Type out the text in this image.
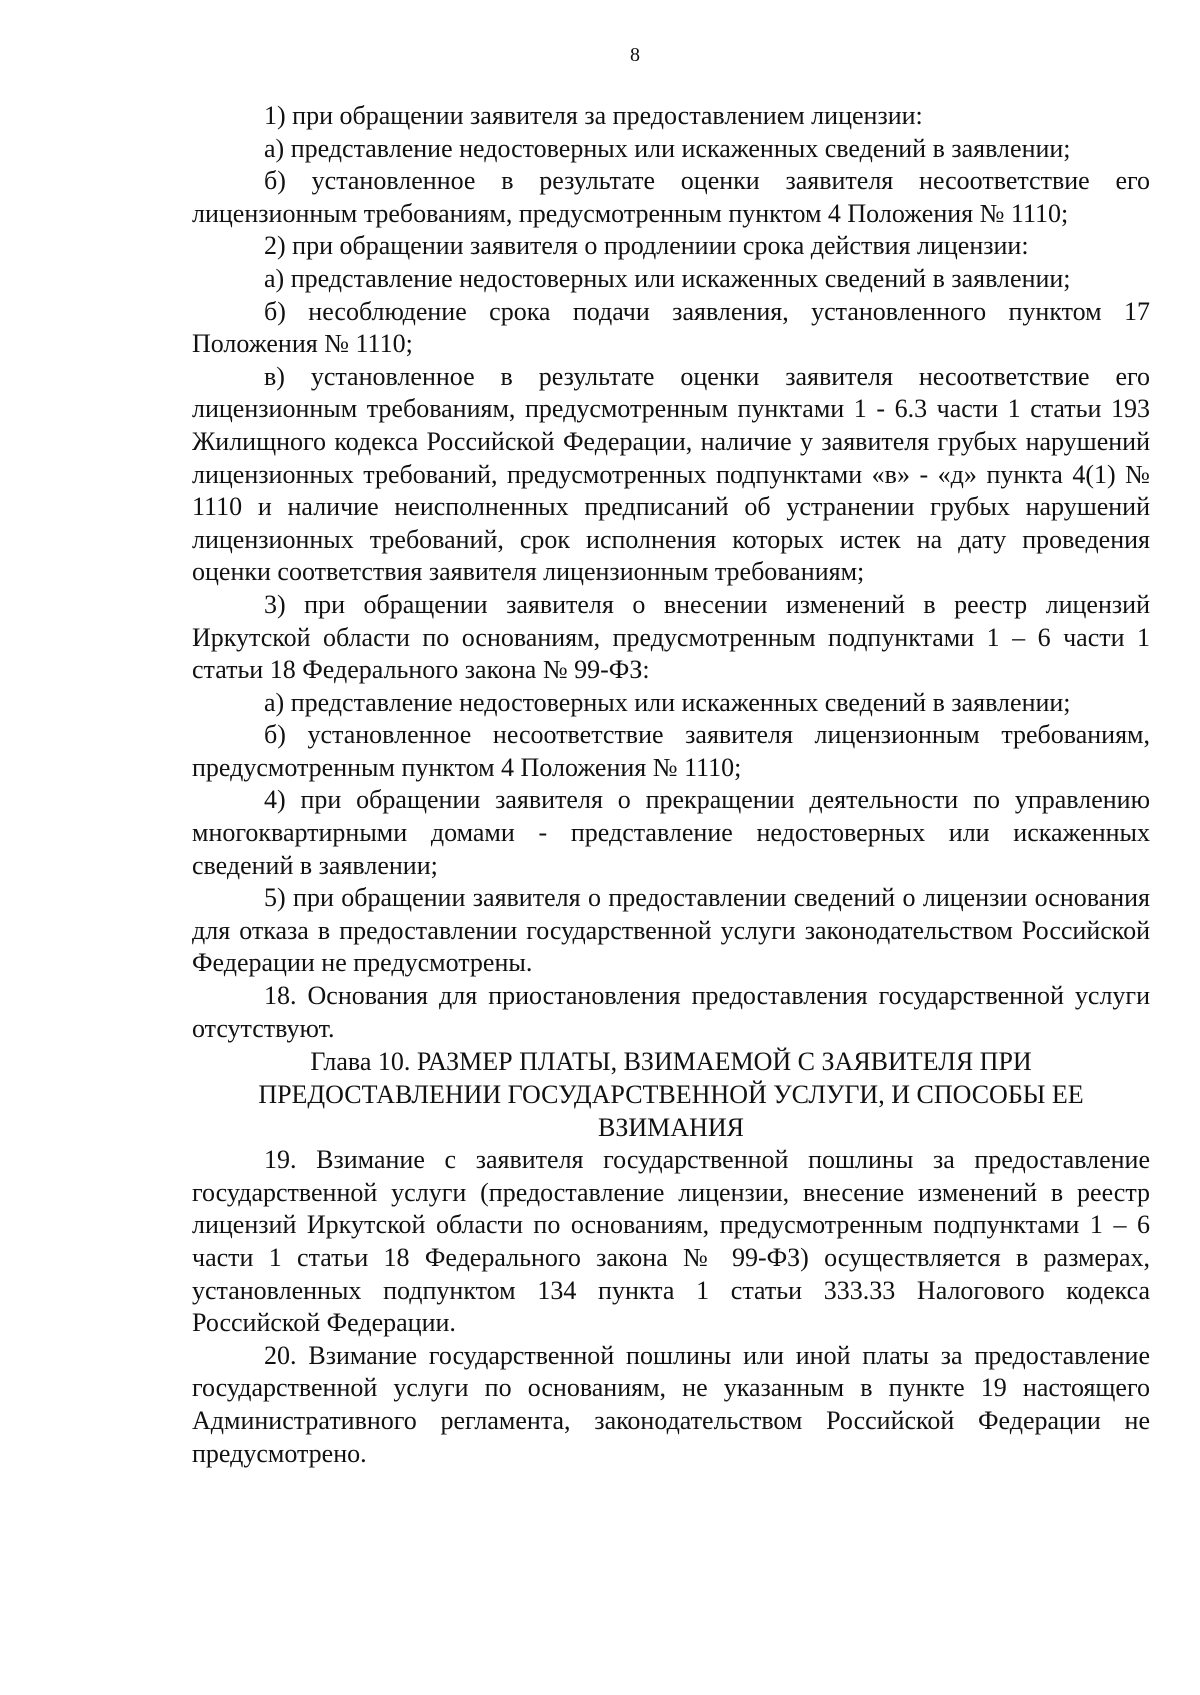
8

1) при обращении заявителя за предоставлением лицензии:

а) представление недостоверных или искаженных сведений в заявлении;

б) установленное в результате оценки заявителя несоответствие его лицензионным требованиям, предусмотренным пунктом 4 Положения № 1110;

2) при обращении заявителя о продлениии срока действия лицензии:

а) представление недостоверных или искаженных сведений в заявлении;

б) несоблюдение срока подачи заявления, установленного пунктом 17 Положения № 1110;

в) установленное в результате оценки заявителя несоответствие его лицензионным требованиям, предусмотренным пунктами 1 - 6.3 части 1 статьи 193 Жилищного кодекса Российской Федерации, наличие у заявителя грубых нарушений лицензионных требований, предусмотренных подпунктами «в» - «д» пункта 4(1) № 1110 и наличие неисполненных предписаний об устранении грубых нарушений лицензионных требований, срок исполнения которых истек на дату проведения оценки соответствия заявителя лицензионным требованиям;

3) при обращении заявителя о внесении изменений в реестр лицензий Иркутской области по основаниям, предусмотренным подпунктами 1 – 6 части 1 статьи 18 Федерального закона № 99-ФЗ:

а) представление недостоверных или искаженных сведений в заявлении;

б) установленное несоответствие заявителя лицензионным требованиям, предусмотренным пунктом 4 Положения № 1110;

4) при обращении заявителя о прекращении деятельности по управлению многоквартирными домами - представление недостоверных или искаженных сведений в заявлении;

5) при обращении заявителя о предоставлении сведений о лицензии основания для отказа в предоставлении государственной услуги законодательством Российской Федерации не предусмотрены.

18. Основания для приостановления предоставления государственной услуги отсутствуют.

Глава 10. РАЗМЕР ПЛАТЫ, ВЗИМАЕМОЙ С ЗАЯВИТЕЛЯ ПРИ ПРЕДОСТАВЛЕНИИ ГОСУДАРСТВЕННОЙ УСЛУГИ, И СПОСОБЫ ЕЕ ВЗИМАНИЯ

19. Взимание с заявителя государственной пошлины за предоставление государственной услуги (предоставление лицензии, внесение изменений в реестр лицензий Иркутской области по основаниям, предусмотренным подпунктами 1 – 6 части 1 статьи 18 Федерального закона № 99-ФЗ) осуществляется в размерах, установленных подпунктом 134 пункта 1 статьи 333.33 Налогового кодекса Российской Федерации.

20. Взимание государственной пошлины или иной платы за предоставление государственной услуги по основаниям, не указанным в пункте 19 настоящего Административного регламента, законодательством Российской Федерации не предусмотрено.
